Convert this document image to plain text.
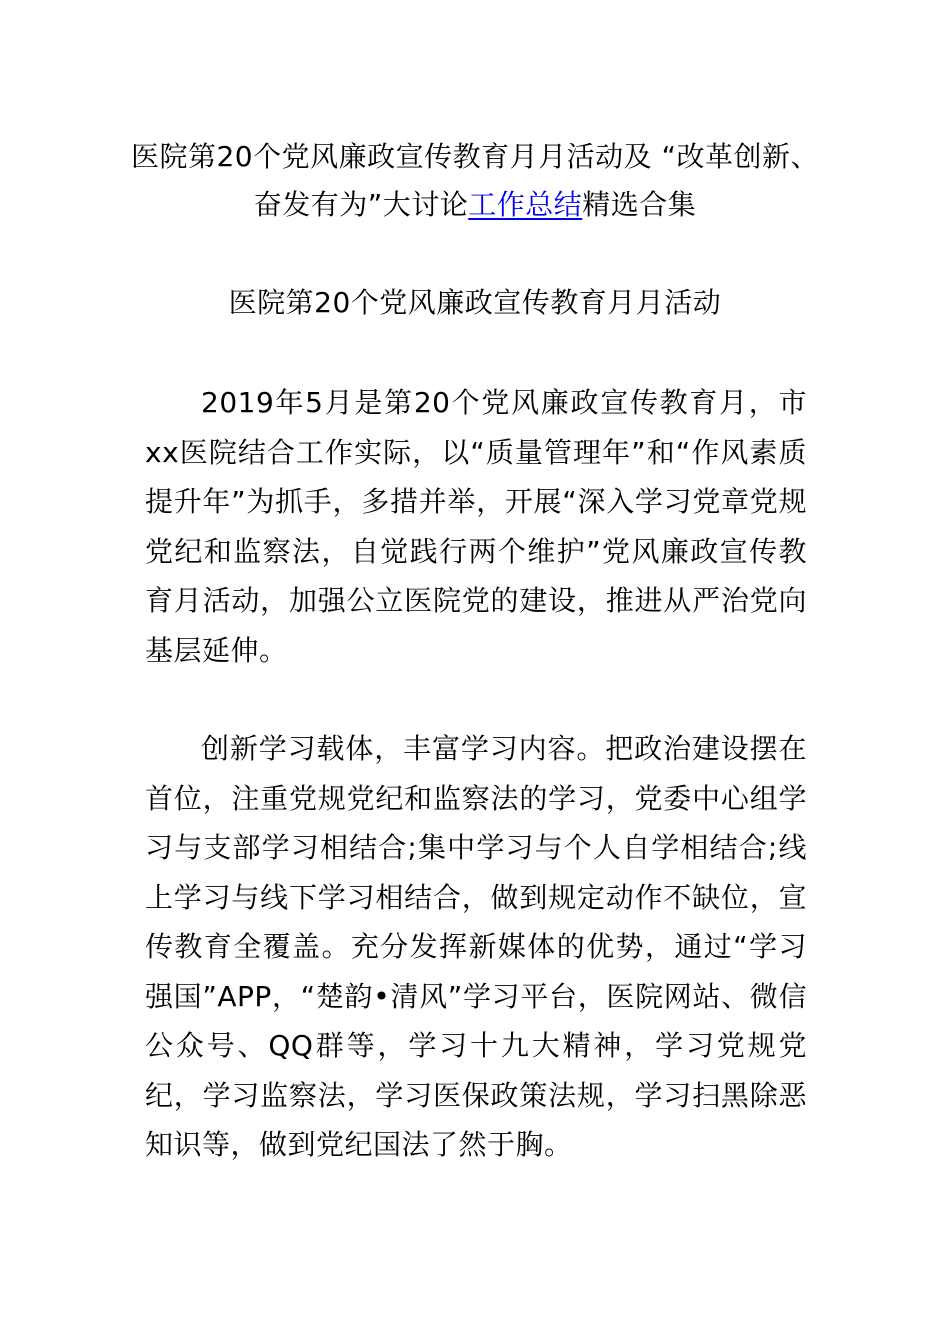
医院第20个党风廉政宣传教育月月活动及 “改革创新、奋发有为”大讨论工作总结精选合集
医院第20个党风廉政宣传教育月月活动

2019年5月是第20个党风廉政宣传教育月，市xx医院结合工作实际，以“质量管理年”和“作风素质提升年”为抓手，多措并举，开展“深入学习党章党规党纪和监察法，自觉践行两个维护”党风廉政宣传教育月活动，加强公立医院党的建设，推进从严治党向基层延伸。

创新学习载体，丰富学习内容。把政治建设摆在首位，注重党规党纪和监察法的学习，党委中心组学习与支部学习相结合;集中学习与个人自学相结合;线上学习与线下学习相结合，做到规定动作不缺位，宣传教育全覆盖。充分发挥新媒体的优势，通过“学习强国”APP，“楚韵•清风”学习平台，医院网站、微信公众号、QQ群等，学习十九大精神，学习党规党纪，学习监察法，学习医保政策法规，学习扫黑除恶知识等，做到党纪国法了然于胸。
